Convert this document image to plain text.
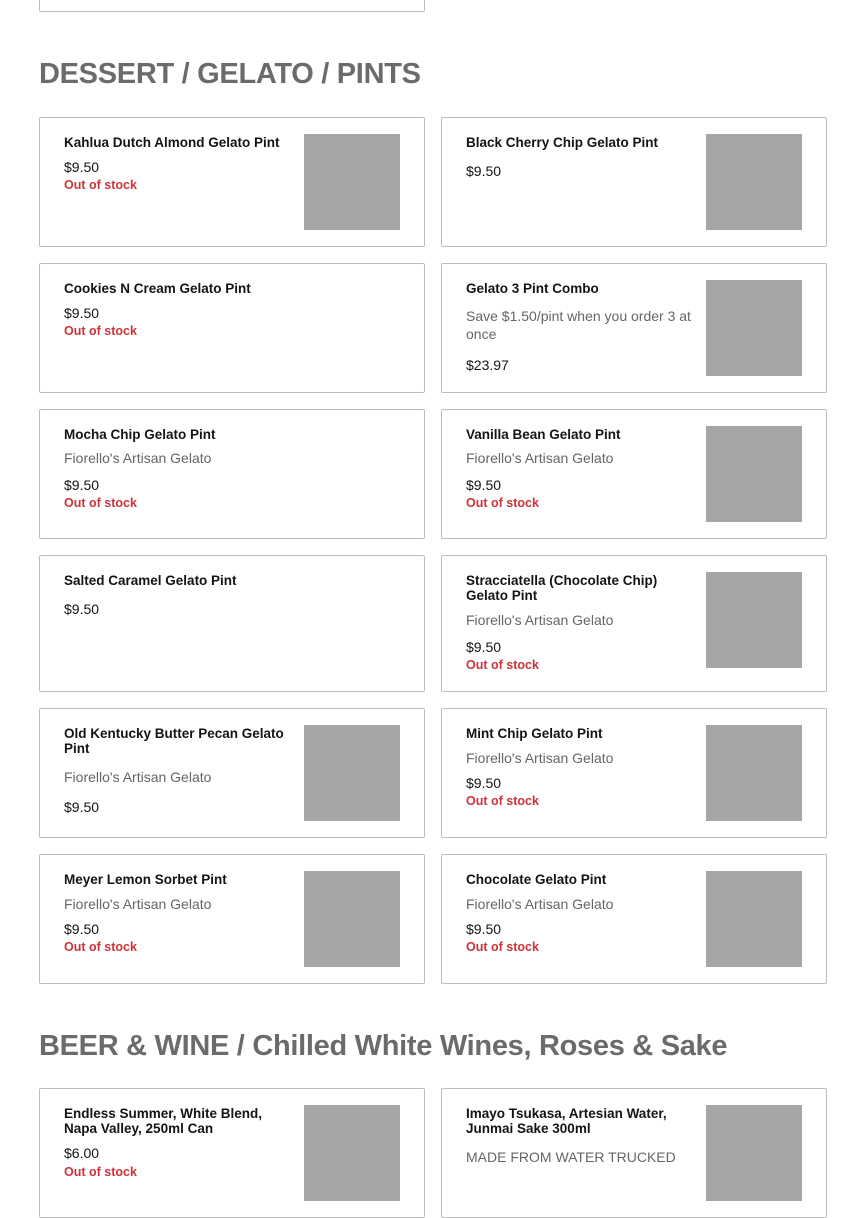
DESSERT / GELATO / PINTS
Kahlua Dutch Almond Gelato Pint
$9.50
Out of stock
Black Cherry Chip Gelato Pint
$9.50
Cookies N Cream Gelato Pint
$9.50
Out of stock
Gelato 3 Pint Combo
Save $1.50/pint when you order 3 at once
$23.97
Mocha Chip Gelato Pint
Fiorello's Artisan Gelato
$9.50
Out of stock
Vanilla Bean Gelato Pint
Fiorello's Artisan Gelato
$9.50
Out of stock
Salted Caramel Gelato Pint
$9.50
Stracciatella (Chocolate Chip) Gelato Pint
Fiorello's Artisan Gelato
$9.50
Out of stock
Old Kentucky Butter Pecan Gelato Pint
Fiorello's Artisan Gelato
$9.50
Mint Chip Gelato Pint
Fiorello's Artisan Gelato
$9.50
Out of stock
Meyer Lemon Sorbet Pint
Fiorello's Artisan Gelato
$9.50
Out of stock
Chocolate Gelato Pint
Fiorello's Artisan Gelato
$9.50
Out of stock
BEER & WINE / Chilled White Wines, Roses & Sake
Endless Summer, White Blend, Napa Valley, 250ml Can
$6.00
Out of stock
Imayo Tsukasa, Artesian Water, Junmai Sake 300ml
MADE FROM WATER TRUCKED
